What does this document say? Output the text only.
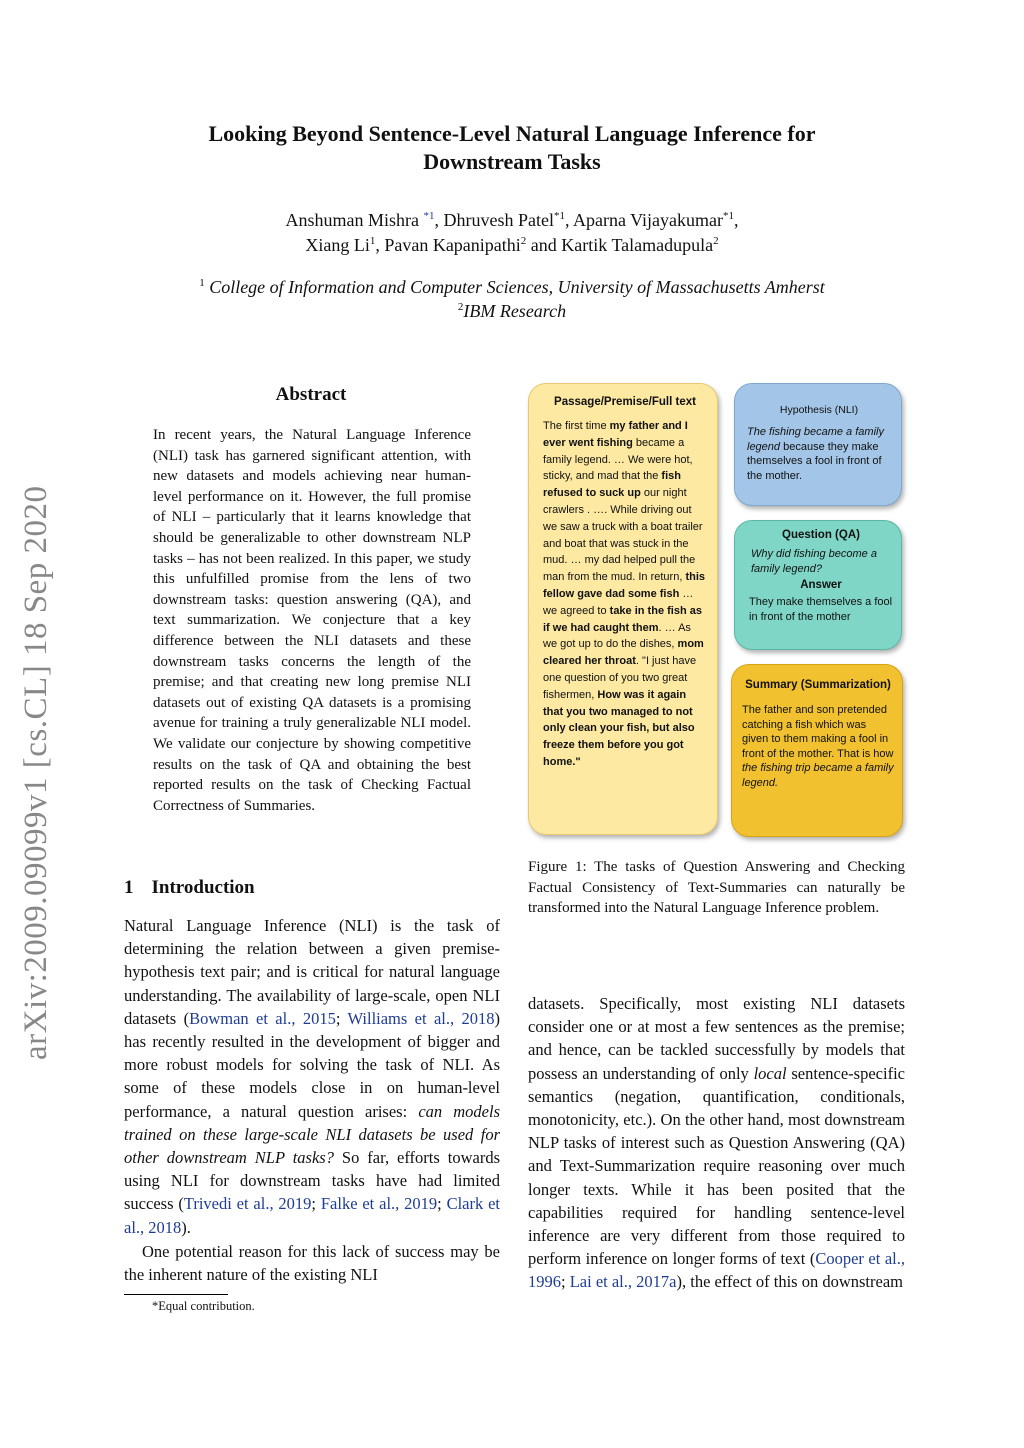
arXiv:2009.09099v1 [cs.CL] 18 Sep 2020
Looking Beyond Sentence-Level Natural Language Inference for
Downstream Tasks
Anshuman Mishra $^{*1}$, Dhruvesh Patel$^{*1}$, Aparna Vijayakumar$^{*1}$,
Xiang Li$^1$, Pavan Kapanipathi$^2$ and Kartik Talamadupula$^2$
$^1$ College of Information and Computer Sciences, University of Massachusetts Amherst
$^2$IBM Research
Abstract
In recent years, the Natural Language Inference (NLI) task has garnered significant attention, with new datasets and models achieving near human-level performance on it. However, the full promise of NLI – particularly that it learns knowledge that should be generalizable to other downstream NLP tasks – has not been realized. In this paper, we study this unfulfilled promise from the lens of two downstream tasks: question answering (QA), and text summarization. We conjecture that a key difference between the NLI datasets and these downstream tasks concerns the length of the premise; and that creating new long premise NLI datasets out of existing QA datasets is a promising avenue for training a truly generalizable NLI model. We validate our conjecture by showing competitive results on the task of QA and obtaining the best reported results on the task of Checking Factual Correctness of Summaries.
1 Introduction

Natural Language Inference (NLI) is the task of determining the relation between a given premise-hypothesis text pair; and is critical for natural language understanding. The availability of large-scale, open NLI datasets (Bowman et al., 2015; Williams et al., 2018) has recently resulted in the development of bigger and more robust models for solving the task of NLI. As some of these models close in on human-level performance, a natural question arises: can models trained on these large-scale NLI datasets be used for other downstream NLP tasks? So far, efforts towards using NLI for downstream tasks have had limited success (Trivedi et al., 2019; Falke et al., 2019; Clark et al., 2018).

One potential reason for this lack of success may be the inherent nature of the existing NLI

*Equal contribution.
Passage/Premise/Full text
The first time my father and I ever went fishing became a family legend. … We were hot, sticky, and mad that the fish refused to suck up our night crawlers . …. While driving out we saw a truck with a boat trailer and boat that was stuck in the mud. … my dad helped pull the man from the mud. In return, this fellow gave dad some fish … we agreed to take in the fish as if we had caught them. … As we got up to do the dishes, mom cleared her throat. "I just have one question of you two great fishermen, How was it again that you two managed to not only clean your fish, but also freeze them before you got home."
Hypothesis (NLI)
The fishing became a family legend because they make themselves a fool in front of the mother.
Question (QA)
Why did fishing become a family legend?
Answer
They make themselves a fool in front of the mother
Summary (Summarization)
The father and son pretended catching a fish which was given to them making a fool in front of the mother. That is how the fishing trip became a family legend.
Figure 1: The tasks of Question Answering and Checking Factual Consistency of Text-Summaries can naturally be transformed into the Natural Language Inference problem.

datasets. Specifically, most existing NLI datasets consider one or at most a few sentences as the premise; and hence, can be tackled successfully by models that possess an understanding of only local sentence-specific semantics (negation, quantification, conditionals, monotonicity, etc.). On the other hand, most downstream NLP tasks of interest such as Question Answering (QA) and Text-Summarization require reasoning over much longer texts. While it has been posited that the capabilities required for handling sentence-level inference are very different from those required to perform inference on longer forms of text (Cooper et al., 1996; Lai et al., 2017a), the effect of this on downstream
